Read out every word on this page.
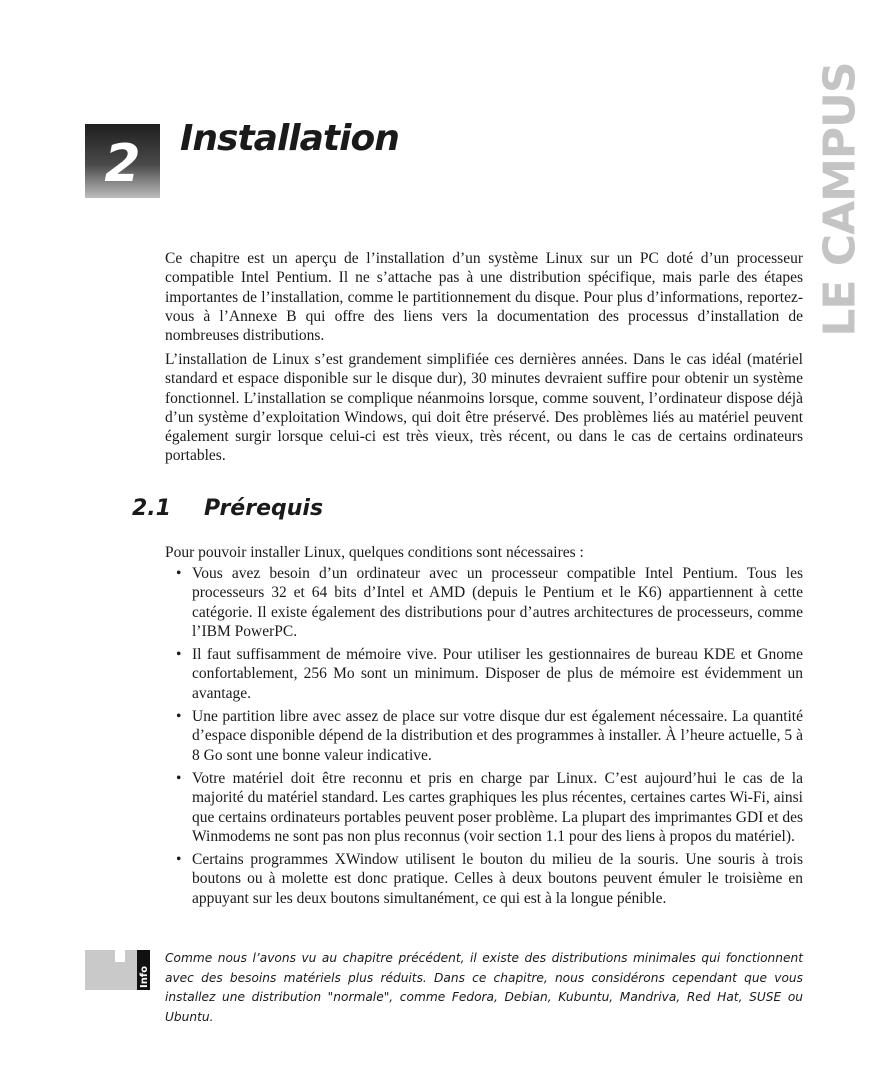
LE CAMPUS
2 Installation

Ce chapitre est un aperçu de l’installation d’un système Linux sur un PC doté d’un processeur compatible Intel Pentium. Il ne s’attache pas à une distribution spécifique, mais parle des étapes importantes de l’installation, comme le partitionnement du disque. Pour plus d’informations, reportez-vous à l’Annexe B qui offre des liens vers la documentation des processus d’installation de nombreuses distributions.

L’installation de Linux s’est grandement simplifiée ces dernières années. Dans le cas idéal (matériel standard et espace disponible sur le disque dur), 30 minutes devraient suffire pour obtenir un système fonctionnel. L’installation se complique néanmoins lorsque, comme souvent, l’ordinateur dispose déjà d’un système d’exploitation Windows, qui doit être préservé. Des problèmes liés au matériel peuvent également surgir lorsque celui-ci est très vieux, très récent, ou dans le cas de certains ordinateurs portables.

2.1 Prérequis

Pour pouvoir installer Linux, quelques conditions sont nécessaires :

• Vous avez besoin d’un ordinateur avec un processeur compatible Intel Pentium. Tous les processeurs 32 et 64 bits d’Intel et AMD (depuis le Pentium et le K6) appartiennent à cette catégorie. Il existe également des distributions pour d’autres architectures de processeurs, comme l’IBM PowerPC.
• Il faut suffisamment de mémoire vive. Pour utiliser les gestionnaires de bureau KDE et Gnome confortablement, 256 Mo sont un minimum. Disposer de plus de mémoire est évidemment un avantage.
• Une partition libre avec assez de place sur votre disque dur est également nécessaire. La quantité d’espace disponible dépend de la distribution et des programmes à installer. À l’heure actuelle, 5 à 8 Go sont une bonne valeur indicative.
• Votre matériel doit être reconnu et pris en charge par Linux. C’est aujourd’hui le cas de la majorité du matériel standard. Les cartes graphiques les plus récentes, certaines cartes Wi-Fi, ainsi que certains ordinateurs portables peuvent poser problème. La plupart des imprimantes GDI et des Winmodems ne sont pas non plus reconnus (voir section 1.1 pour des liens à propos du matériel).
• Certains programmes XWindow utilisent le bouton du milieu de la souris. Une souris à trois boutons ou à molette est donc pratique. Celles à deux boutons peuvent émuler le troisième en appuyant sur les deux boutons simultanément, ce qui est à la longue pénible.
Info

Comme nous l’avons vu au chapitre précédent, il existe des distributions minimales qui fonctionnent avec des besoins matériels plus réduits. Dans ce chapitre, nous considérons cependant que vous installez une distribution "normale", comme Fedora, Debian, Kubuntu, Mandriva, Red Hat, SUSE ou Ubuntu.
